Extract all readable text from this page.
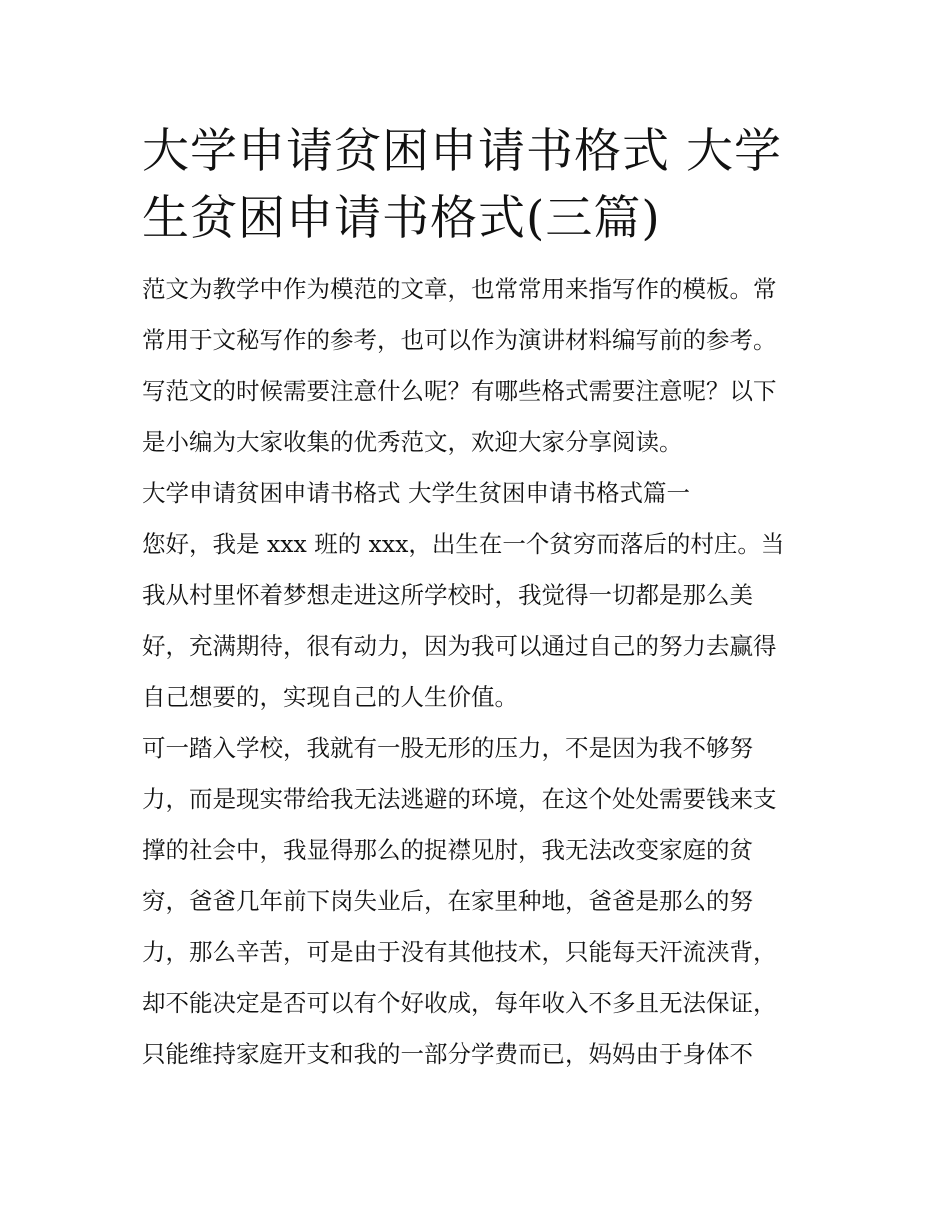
大学申请贫困申请书格式 大学
生贫困申请书格式(三篇)
范文为教学中作为模范的文章，也常常用来指写作的模板。常
常用于文秘写作的参考，也可以作为演讲材料编写前的参考。
写范文的时候需要注意什么呢？有哪些格式需要注意呢？以下
是小编为大家收集的优秀范文，欢迎大家分享阅读。
大学申请贫困申请书格式 大学生贫困申请书格式篇一
您好，我是 xxx 班的 xxx，出生在一个贫穷而落后的村庄。当
我从村里怀着梦想走进这所学校时，我觉得一切都是那么美
好，充满期待，很有动力，因为我可以通过自己的努力去赢得
自己想要的，实现自己的人生价值。
可一踏入学校，我就有一股无形的压力，不是因为我不够努
力，而是现实带给我无法逃避的环境，在这个处处需要钱来支
撑的社会中，我显得那么的捉襟见肘，我无法改变家庭的贫
穷，爸爸几年前下岗失业后，在家里种地，爸爸是那么的努
力，那么辛苦，可是由于没有其他技术，只能每天汗流浃背，
却不能决定是否可以有个好收成，每年收入不多且无法保证，
只能维持家庭开支和我的一部分学费而已，妈妈由于身体不
